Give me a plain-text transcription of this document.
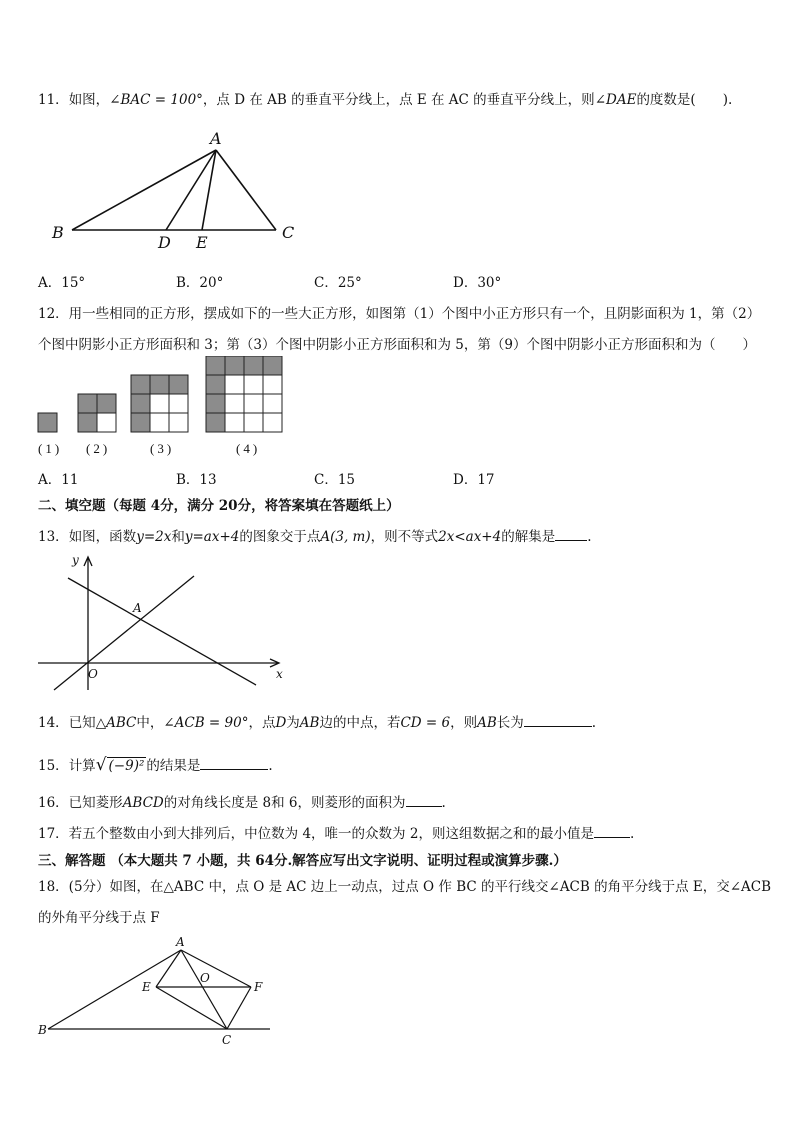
11．如图，∠BAC = 100°，点 D 在 AB 的垂直平分线上，点 E 在 AC 的垂直平分线上，则∠DAE的度数是(　　).
A
B	C
D E
A．15°	B．20°	C．25°	D．30°
12．用一些相同的正方形，摆成如下的一些大正方形，如图第（1）个图中小正方形只有一个，且阴影面积为 1，第（2）
个图中阴影小正方形面积和 3；第（3）个图中阴影小正方形面积和为 5，第（9）个图中阴影小正方形面积和为（　　）
(1) (2)	(3)	(4)
A．11	B．13	C．15	D．17
二、填空题（每题 4分，满分 20分，将答案填在答题纸上）
13．如图，函数y=2x和y=ax+4的图象交于点A(3, m)，则不等式2x<ax+4的解集是 .
y
x
O
A
14．已知△ABC中，∠ACB = 90°，点D为AB边的中点，若CD = 6，则AB长为	.
15．计算√ (−9)² 的结果是	.
16．已知菱形ABCD的对角线长度是 8和 6，则菱形的面积为	.
17．若五个整数由小到大排列后，中位数为 4，唯一的众数为 2，则这组数据之和的最小值是	.
三、解答题 （本大题共 7 小题，共 64分.解答应写出文字说明、证明过程或演算步骤.）
18．(5分）如图，在△ABC 中，点 O 是 AC 边上一动点，过点 O 作 BC 的平行线交∠ACB 的角平分线于点 E，交∠ACB
的外角平分线于点 F
A
B
C
E
O
F
